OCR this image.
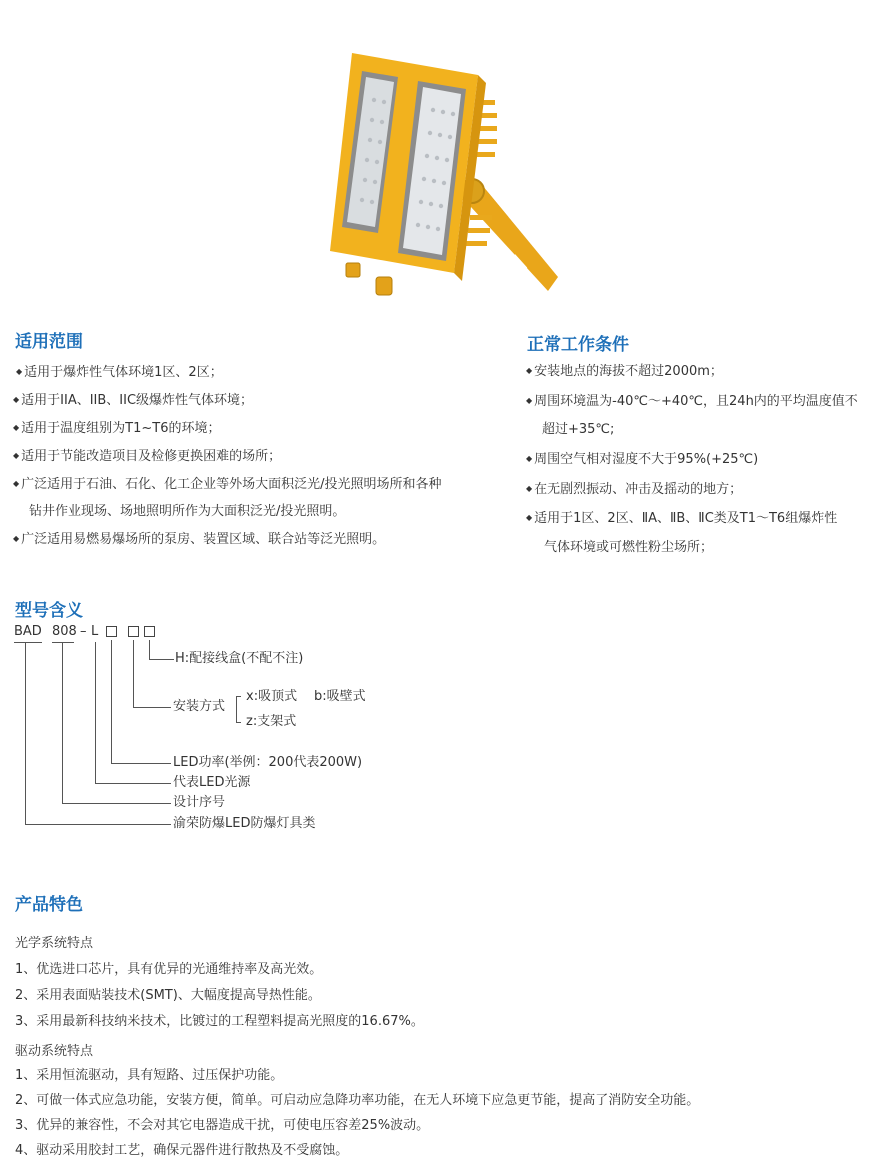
适用范围
◆ 适用于爆炸性气体环境1区、2区；
◆ 适用于IIA、IIB、IIC级爆炸性气体环境；
◆ 适用于温度组别为T1~T6的环境；
◆ 适用于节能改造项目及检修更换困难的场所；
◆ 广泛适用于石油、石化、化工企业等外场大面积泛光/投光照明场所和各种
钻井作业现场、场地照明所作为大面积泛光/投光照明。
◆ 广泛适用易燃易爆场所的泵房、装置区域、联合站等泛光照明。
正常工作条件
◆ 安装地点的海拔不超过2000m；
◆ 周围环境温为-40℃～+40℃，且24h内的平均温度值不
超过+35℃;
◆ 周围空气相对湿度不大于95%(+25℃)
◆ 在无剧烈振动、冲击及摇动的地方；
◆ 适用于1区、2区、ⅡA、ⅡB、ⅡC类及T1～T6组爆炸性
气体环境或可燃性粉尘场所；
型号含义
BAD 808 – L
H:配接线盒(不配不注)
安装方式
x:吸顶式 b:吸壁式
z:支架式
LED功率(举例：200代表200W)
代表LED光源
设计序号
渝荣防爆LED防爆灯具类
产品特色
光学系统特点
1、优选进口芯片，具有优异的光通维持率及高光效。
2、采用表面贴装技术(SMT)、大幅度提高导热性能。
3、采用最新科技纳米技术，比镀过的工程塑料提高光照度的16.67%。
驱动系统特点
1、采用恒流驱动，具有短路、过压保护功能。
2、可做一体式应急功能，安装方便，简单。可启动应急降功率功能，在无人环境下应急更节能，提高了消防安全功能。
3、优异的兼容性，不会对其它电器造成干扰，可使电压容差25%波动。
4、驱动采用胶封工艺，确保元器件进行散热及不受腐蚀。
